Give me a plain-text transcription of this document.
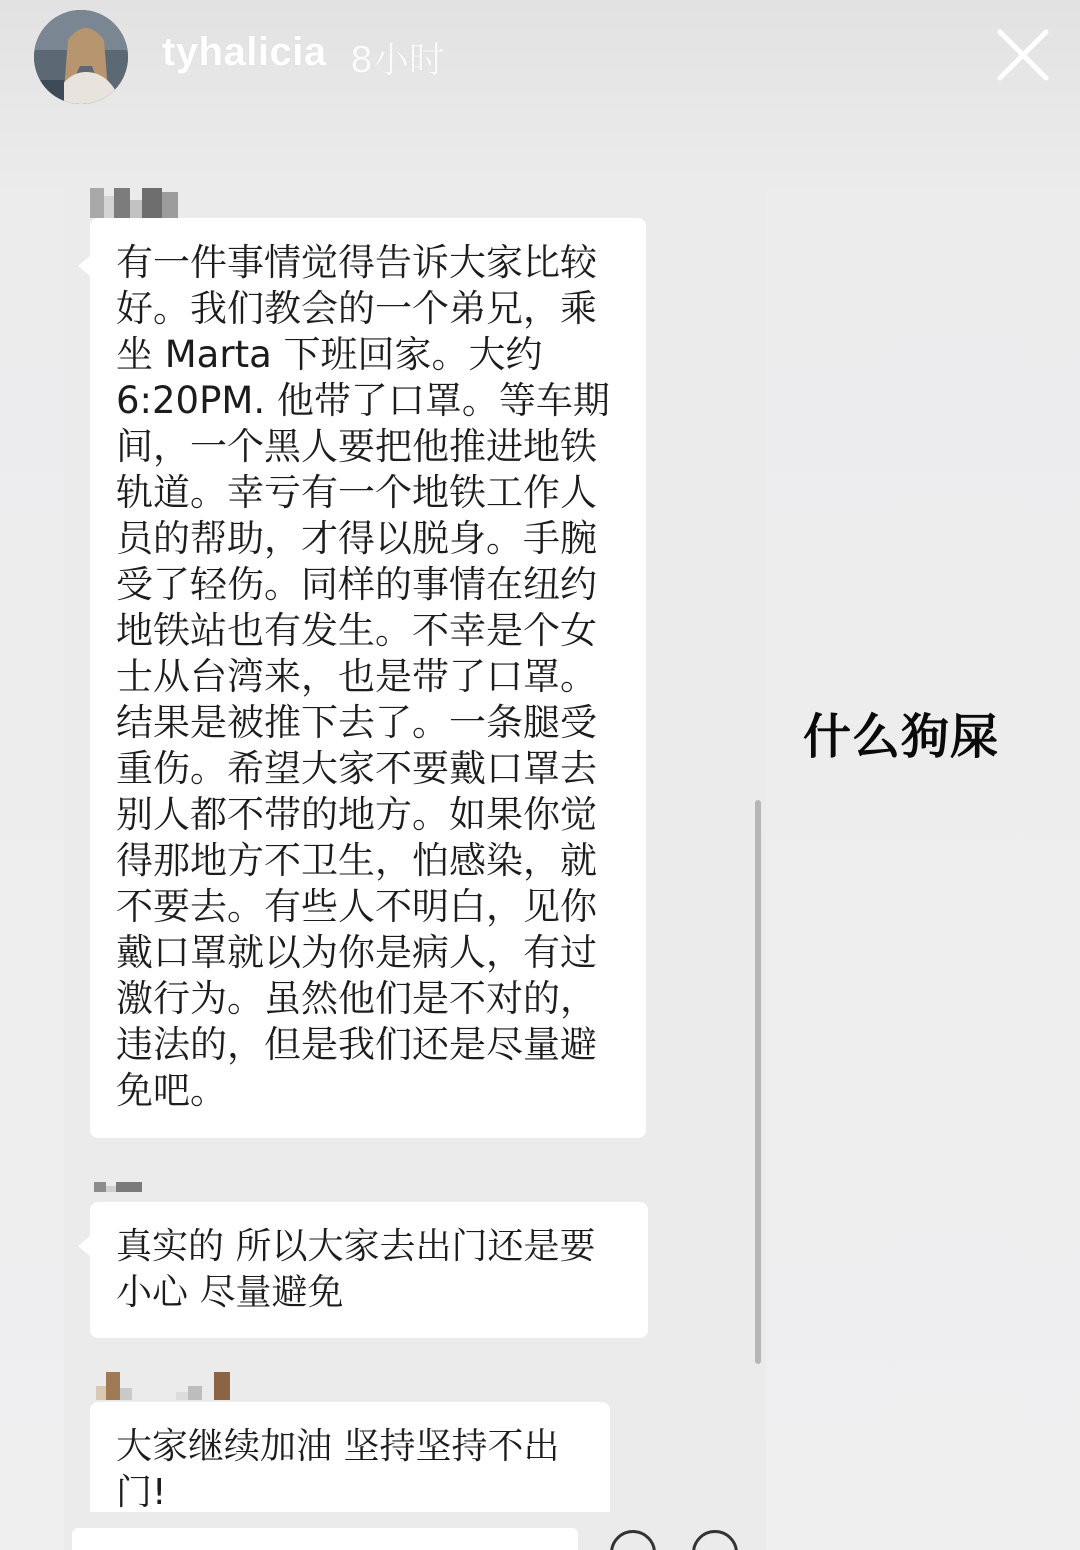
tyhalicia 8小时
有一件事情觉得告诉大家比较
好。我们教会的一个弟兄，乘
坐 Marta 下班回家。大约
6:20PM. 他带了口罩。等车期
间，一个黑人要把他推进地铁
轨道。幸亏有一个地铁工作人
员的帮助，才得以脱身。手腕
受了轻伤。同样的事情在纽约
地铁站也有发生。不幸是个女
士从台湾来，也是带了口罩。
结果是被推下去了。一条腿受
重伤。希望大家不要戴口罩去
别人都不带的地方。如果你觉
得那地方不卫生，怕感染，就
不要去。有些人不明白，见你
戴口罩就以为你是病人，有过
激行为。虽然他们是不对的，
违法的，但是我们还是尽量避
免吧。
真实的 所以大家去出门还是要
小心 尽量避免
大家继续加油 坚持坚持不出
门!
什么狗屎
